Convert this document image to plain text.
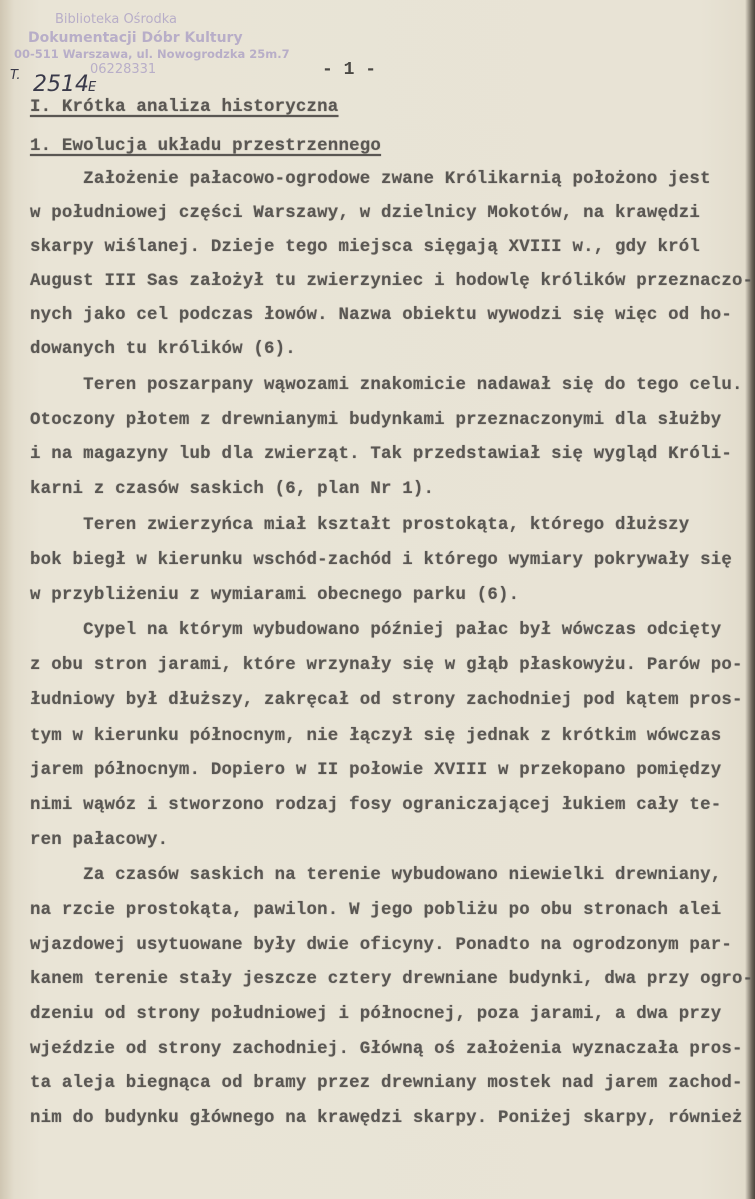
Biblioteka Ośrodka
Dokumentacji Dóbr Kultury
00-511 Warszawa, ul. Nowogrodzka 25m.7
06228331
T. 2514 E
- 1 -
I. Krótka analiza historyczna
1. Ewolucja układu przestrzennego
Założenie pałacowo-ogrodowe zwane Królikarnią położono jest
w południowej części Warszawy, w dzielnicy Mokotów, na krawędzi
skarpy wiślanej. Dzieje tego miejsca sięgają XVIII w., gdy król
August III Sas założył tu zwierzyniec i hodowlę królików przeznaczo-
nych jako cel podczas łowów. Nazwa obiektu wywodzi się więc od ho-
dowanych tu królików (6).
Teren poszarpany wąwozami znakomicie nadawał się do tego celu.
Otoczony płotem z drewnianymi budynkami przeznaczonymi dla służby
i na magazyny lub dla zwierząt. Tak przedstawiał się wygląd Króli-
karni z czasów saskich (6, plan Nr 1).
Teren zwierzyńca miał kształt prostokąta, którego dłuższy
bok biegł w kierunku wschód-zachód i którego wymiary pokrywały się
w przybliżeniu z wymiarami obecnego parku (6).
Cypel na którym wybudowano później pałac był wówczas odcięty
z obu stron jarami, które wrzynały się w głąb płaskowyżu. Parów po-
łudniowy był dłuższy, zakręcał od strony zachodniej pod kątem pros-
tym w kierunku północnym, nie łączył się jednak z krótkim wówczas
jarem północnym. Dopiero w II połowie XVIII w przekopano pomiędzy
nimi wąwóz i stworzono rodzaj fosy ograniczającej łukiem cały te-
ren pałacowy.
Za czasów saskich na terenie wybudowano niewielki drewniany,
na rzcie prostokąta, pawilon. W jego pobliżu po obu stronach alei
wjazdowej usytuowane były dwie oficyny. Ponadto na ogrodzonym par-
kanem terenie stały jeszcze cztery drewniane budynki, dwa przy ogro-
dzeniu od strony południowej i północnej, poza jarami, a dwa przy
wjeździe od strony zachodniej. Główną oś założenia wyznaczała pros-
ta aleja biegnąca od bramy przez drewniany mostek nad jarem zachod-
nim do budynku głównego na krawędzi skarpy. Poniżej skarpy, również
